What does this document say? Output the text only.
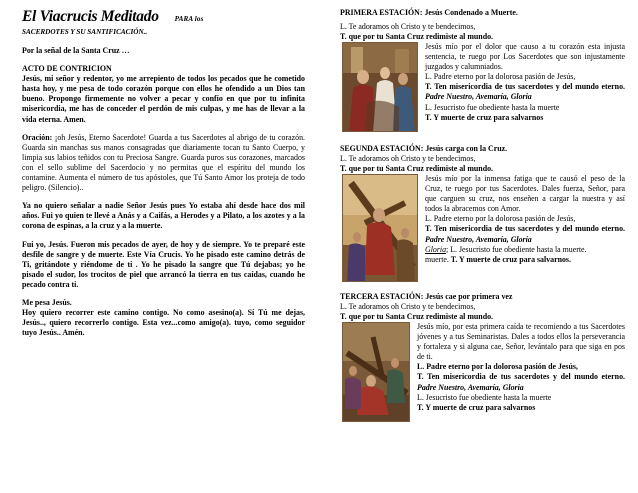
El Viacrucis Meditado PARA los
SACERDOTES Y SU SANTIFICACIÓN..
Por la señal de la Santa Cruz …
ACTO DE CONTRICION
Jesús, mi señor y redentor, yo me arrepiento de todos los pecados que he cometido hasta hoy, y me pesa de todo corazón porque con ellos he ofendido a un Dios tan bueno. Propongo firmemente no volver a pecar y confío en que por tu infinita misericordia, me has de conceder el perdón de mis culpas, y me has de llevar a la vida eterna. Amen.
Oración: ¡oh Jesús, Eterno Sacerdote! Guarda a tus Sacerdotes al abrigo de tu corazón. Guarda sin manchas sus manos consagradas que diariamente tocan tu Santo Cuerpo, y limpia sus labios teñidos con tu Preciosa Sangre. Guarda puros sus corazones, marcados con el sello sublime del Sacerdocio y no permitas que el espíritu del mundo los contamine. Aumenta el número de tus apóstoles, que Tú Santo Amor los proteja de todo peligro. (Silencio)..
Ya no quiero señalar a nadie Señor Jesús pues Yo estaba ahí desde hace dos mil años. Fui yo quien te llevé a Anás y a Caifás, a Herodes y a Pilato, a los azotes y a la corona de espinas, a la cruz y a la muerte.
Fui yo, Jesús. Fueron mis pecados de ayer, de hoy y de siempre. Yo te preparé este desfile de sangre y de muerte. Este Vía Crucis. Yo he pisado este camino detrás de Ti, gritándote y riéndome de ti . Yo he pisado la sangre que Tú dejabas; yo he pisado el sudor, los trocitos de piel que arrancó la tierra en tus caídas, cuando he pecado contra ti.
Me pesa Jesús.
Hoy quiero recorrer este camino contigo. No como asesino(a). Sí Tú me dejas, Jesús.., quiero recorrerlo contigo. Esta vez...como amigo(a). tuyo, como seguidor tuyo Jesús.. Amén.
PRIMERA ESTACIÓN: Jesús Condenado a Muerte.
L. Te adoramos oh Cristo y te bendecimos,
T. que por tu Santa Cruz redimiste al mundo.
Jesús mío por el dolor que causo a tu corazón esta injusta sentencia, te ruego por Los Sacerdotes que son injustamente juzgados y calumniados.
L. Padre eterno por la dolorosa pasión de Jesús,
T. Ten misericordia de tus sacerdotes y del mundo eterno. Padre Nuestro, Avemaría, Gloria
L. Jesucristo fue obediente hasta la muerte
T. Y muerte de cruz para salvarnos
SEGUNDA ESTACIÓN: Jesús carga con la Cruz.
L. Te adoramos oh Cristo y te bendecimos,
T. que por tu Santa Cruz redimiste al mundo.
Jesús mío por la inmensa fatiga que te causó el peso de la Cruz, te ruego por tus Sacerdotes. Dales fuerza, Señor, para que carguen su cruz, nos enseñen a cargar la nuestra y así todos la abracemos con Amor.
L. Padre eterno por la dolorosa pasión de Jesús,
T. Ten misericordia de tus sacerdotes y del mundo eterno. Padre Nuestro, Avemaría, Gloria
Gloria; L. Jesucristo fue obediente hasta la muerte.
muerte. T. Y muerte de cruz para salvarnos.
TERCERA ESTACIÓN: Jesús cae por primera vez
L. Te adoramos oh Cristo y te bendecimos,
T. que por tu Santa Cruz redimiste al mundo.
Jesús mío, por esta primera caída te recomiendo a tus Sacerdotes jóvenes y a tus Seminaristas. Dales a todos ellos la perseverancia y fortaleza y si alguna cae, Señor, levántalo para que siga en pos de ti.
L. Padre eterno por la dolorosa pasión de Jesús,
T. Ten misericordia de tus sacerdotes y del mundo eterno. Padre Nuestro, Avemaría, Gloria
L. Jesucristo fue obediente hasta la muerte
T. Y muerte de cruz para salvarnos
